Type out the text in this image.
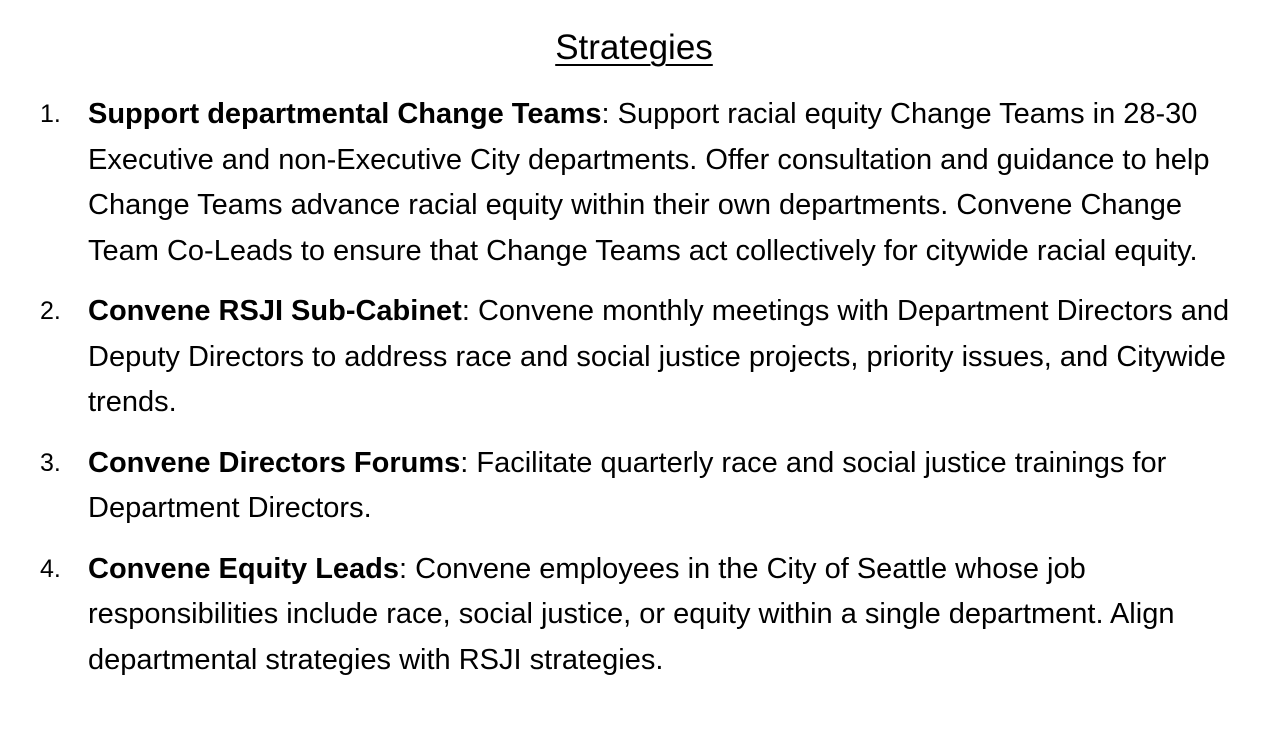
Strategies
1. Support departmental Change Teams: Support racial equity Change Teams in 28-30 Executive and non-Executive City departments. Offer consultation and guidance to help Change Teams advance racial equity within their own departments. Convene Change Team Co-Leads to ensure that Change Teams act collectively for citywide racial equity.
2. Convene RSJI Sub-Cabinet: Convene monthly meetings with Department Directors and Deputy Directors to address race and social justice projects, priority issues, and Citywide trends.
3. Convene Directors Forums: Facilitate quarterly race and social justice trainings for Department Directors.
4. Convene Equity Leads: Convene employees in the City of Seattle whose job responsibilities include race, social justice, or equity within a single department. Align departmental strategies with RSJI strategies.
